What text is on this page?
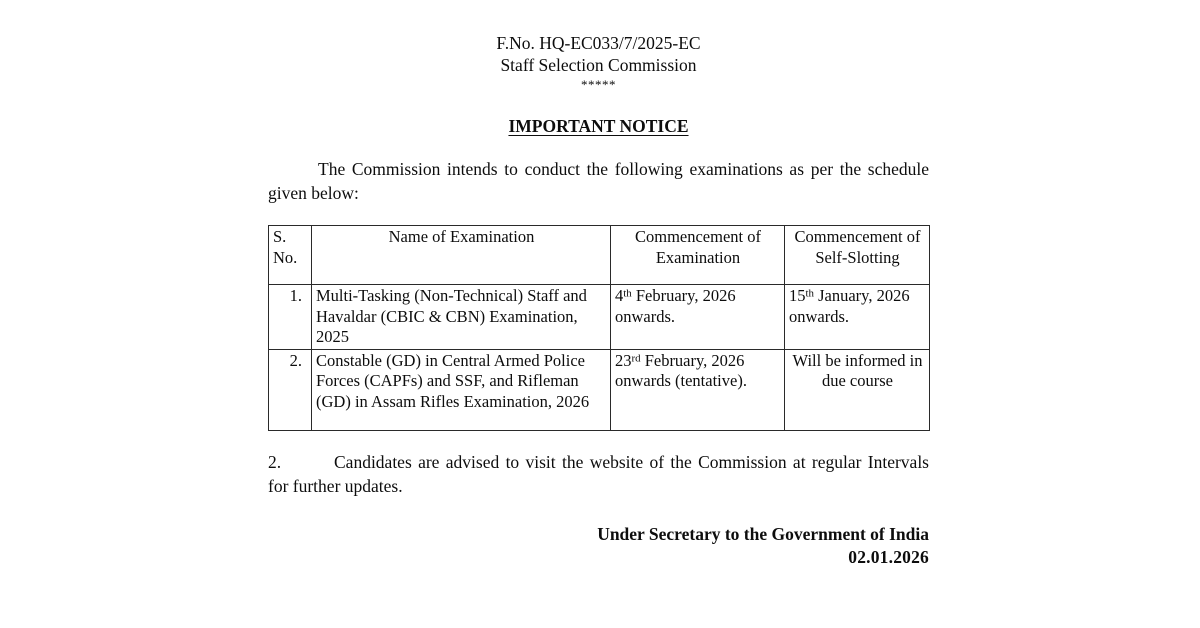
F.No. HQ-EC033/7/2025-EC
Staff Selection Commission
*****
IMPORTANT NOTICE

The Commission intends to conduct the following examinations as per the schedule given below:

S. No.	Name of Examination	Commencement of Examination	Commencement of Self-Slotting
1.	Multi-Tasking (Non-Technical) Staff and Havaldar (CBIC & CBN) Examination, 2025	4th February, 2026 onwards.	15th January, 2026 onwards.
2.	Constable (GD) in Central Armed Police Forces (CAPFs) and SSF, and Rifleman (GD) in Assam Rifles Examination, 2026	23rd February, 2026 onwards (tentative).	Will be informed in due course

2.	Candidates are advised to visit the website of the Commission at regular Intervals for further updates.

Under Secretary to the Government of India
02.01.2026
